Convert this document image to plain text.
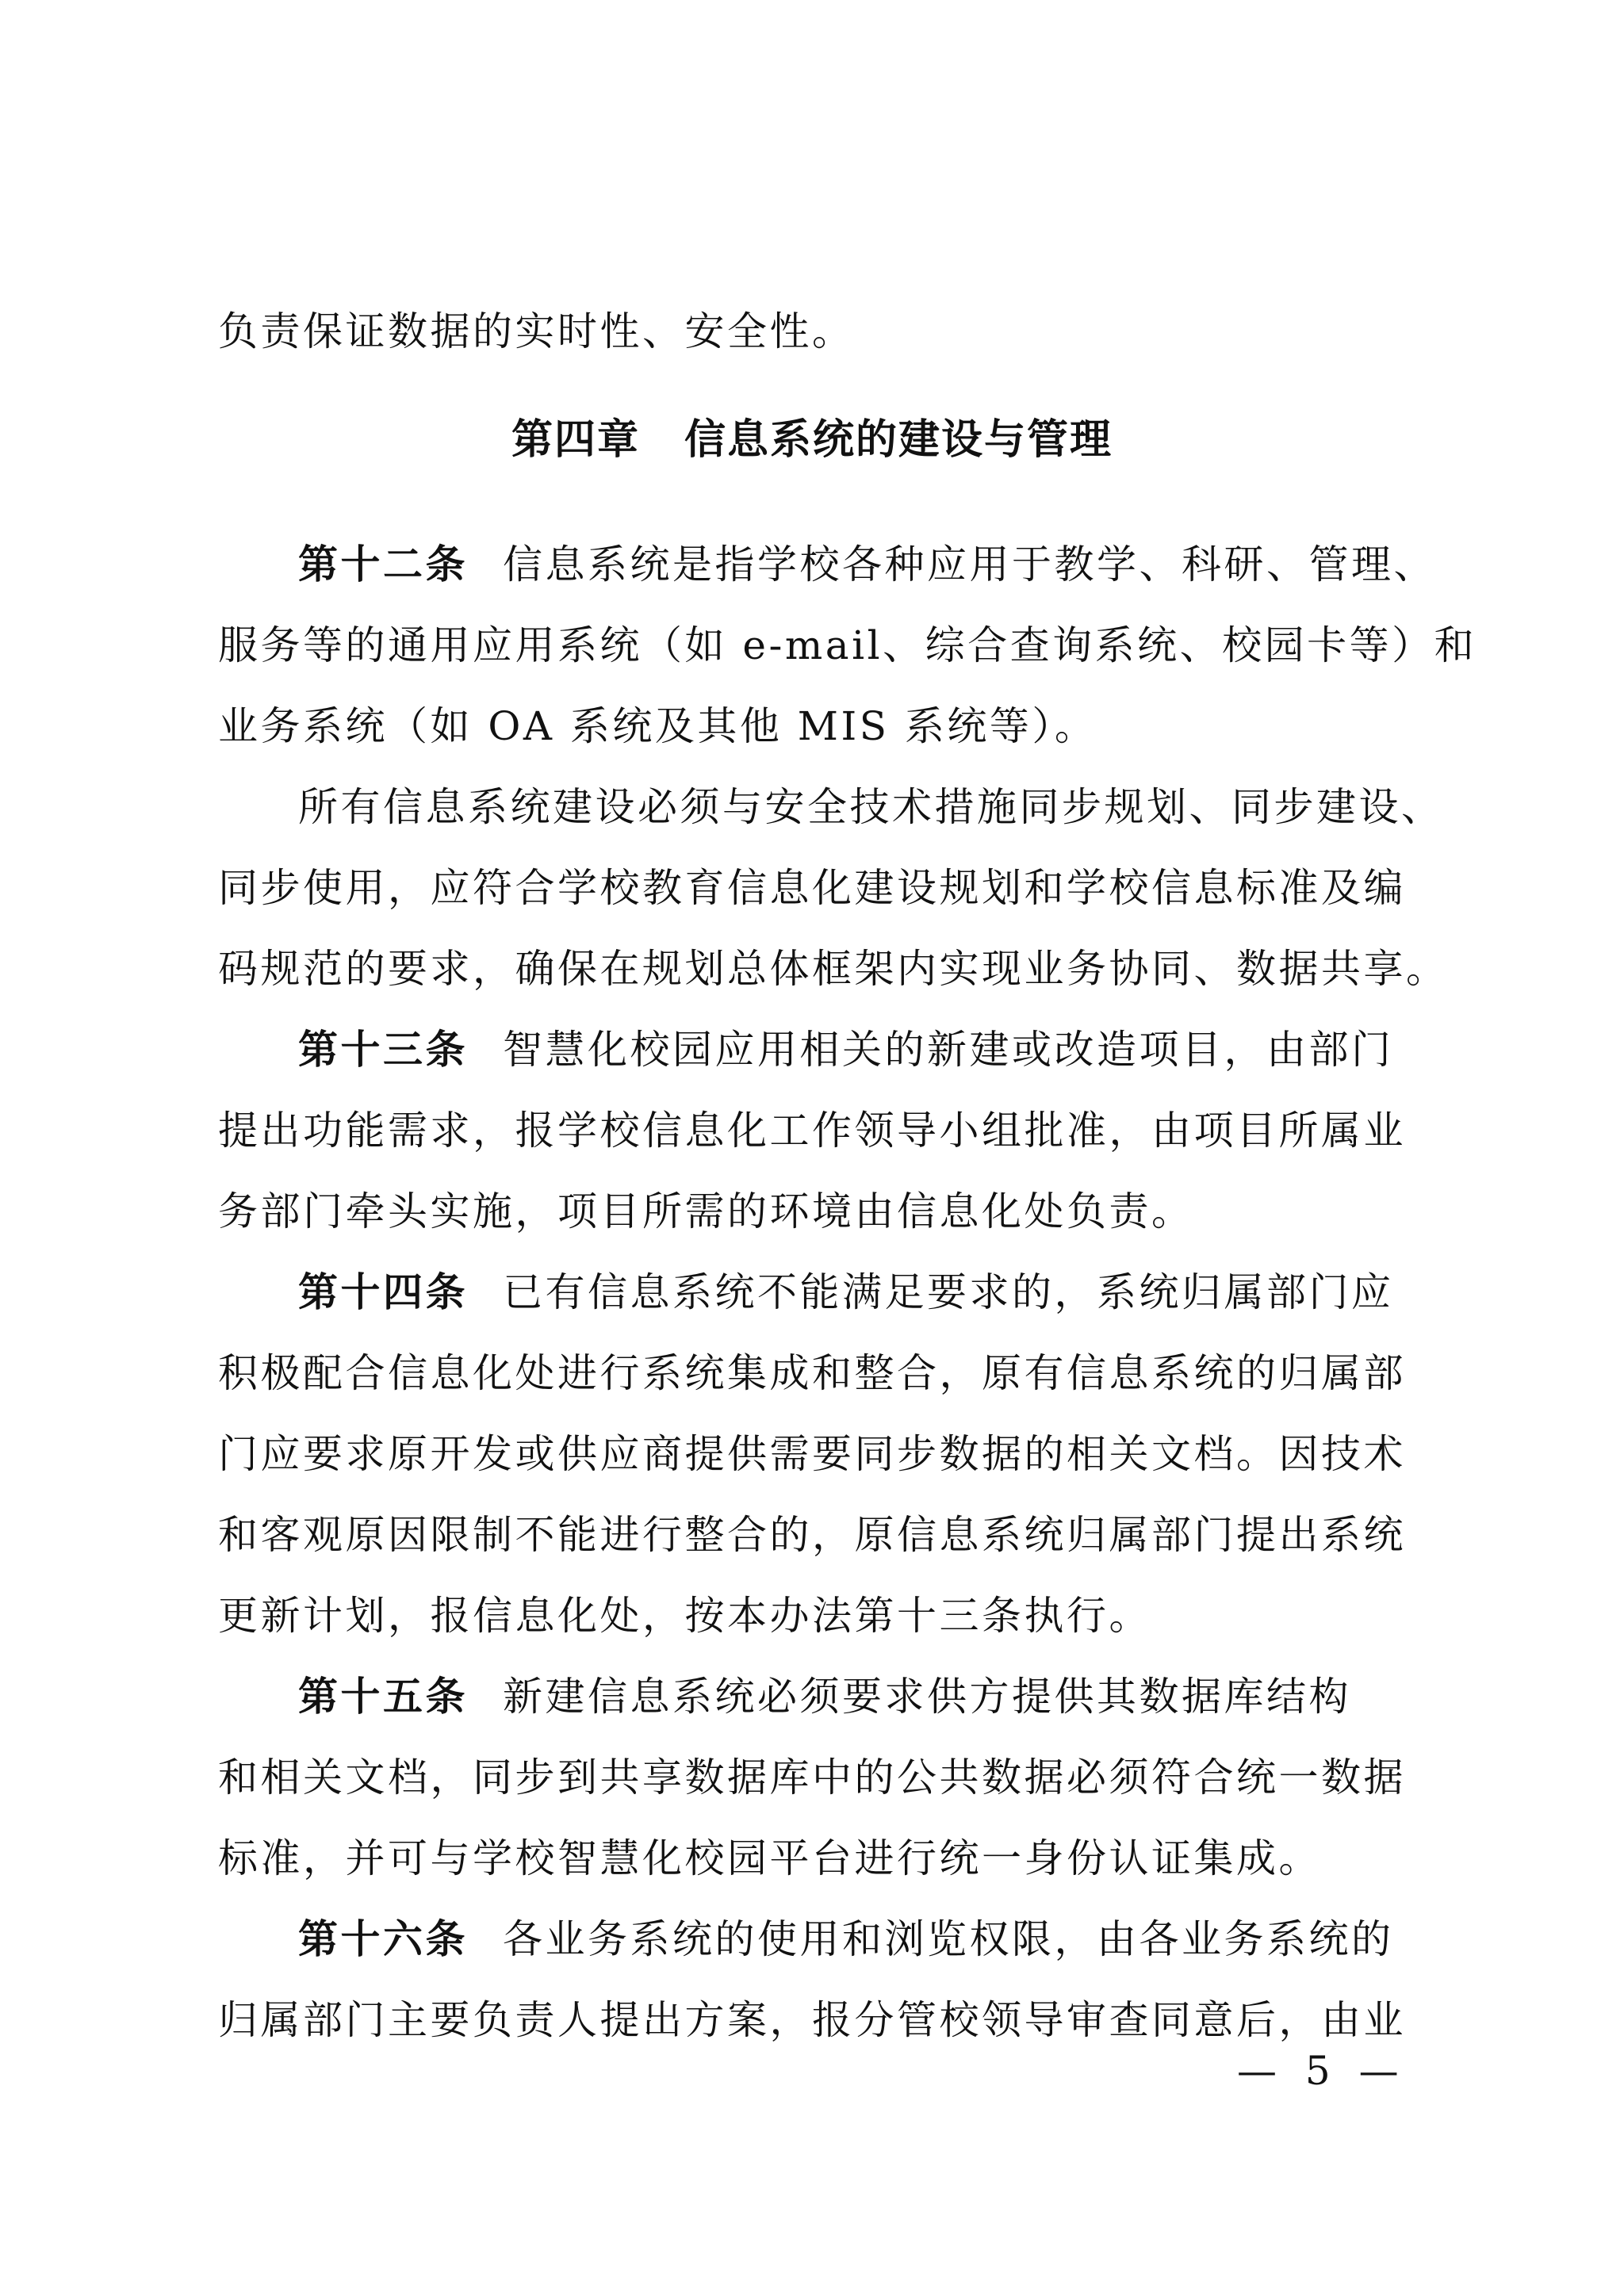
负责保证数据的实时性、安全性。
第四章 信息系统的建设与管理
第十二条 信息系统是指学校各种应用于教学、科研、管理、
服务等的通用应用系统（如 e-mail、综合查询系统、校园卡等）和
业务系统（如 OA 系统及其他 MIS 系统等）。
所有信息系统建设必须与安全技术措施同步规划、同步建设、
同步使用，应符合学校教育信息化建设规划和学校信息标准及编
码规范的要求，确保在规划总体框架内实现业务协同、数据共享。
第十三条 智慧化校园应用相关的新建或改造项目，由部门
提出功能需求，报学校信息化工作领导小组批准，由项目所属业
务部门牵头实施，项目所需的环境由信息化处负责。
第十四条 已有信息系统不能满足要求的，系统归属部门应
积极配合信息化处进行系统集成和整合，原有信息系统的归属部
门应要求原开发或供应商提供需要同步数据的相关文档。因技术
和客观原因限制不能进行整合的，原信息系统归属部门提出系统
更新计划，报信息化处，按本办法第十三条执行。
第十五条 新建信息系统必须要求供方提供其数据库结构
和相关文档，同步到共享数据库中的公共数据必须符合统一数据
标准，并可与学校智慧化校园平台进行统一身份认证集成。
第十六条 各业务系统的使用和浏览权限，由各业务系统的
归属部门主要负责人提出方案，报分管校领导审查同意后，由业
— 5 —
